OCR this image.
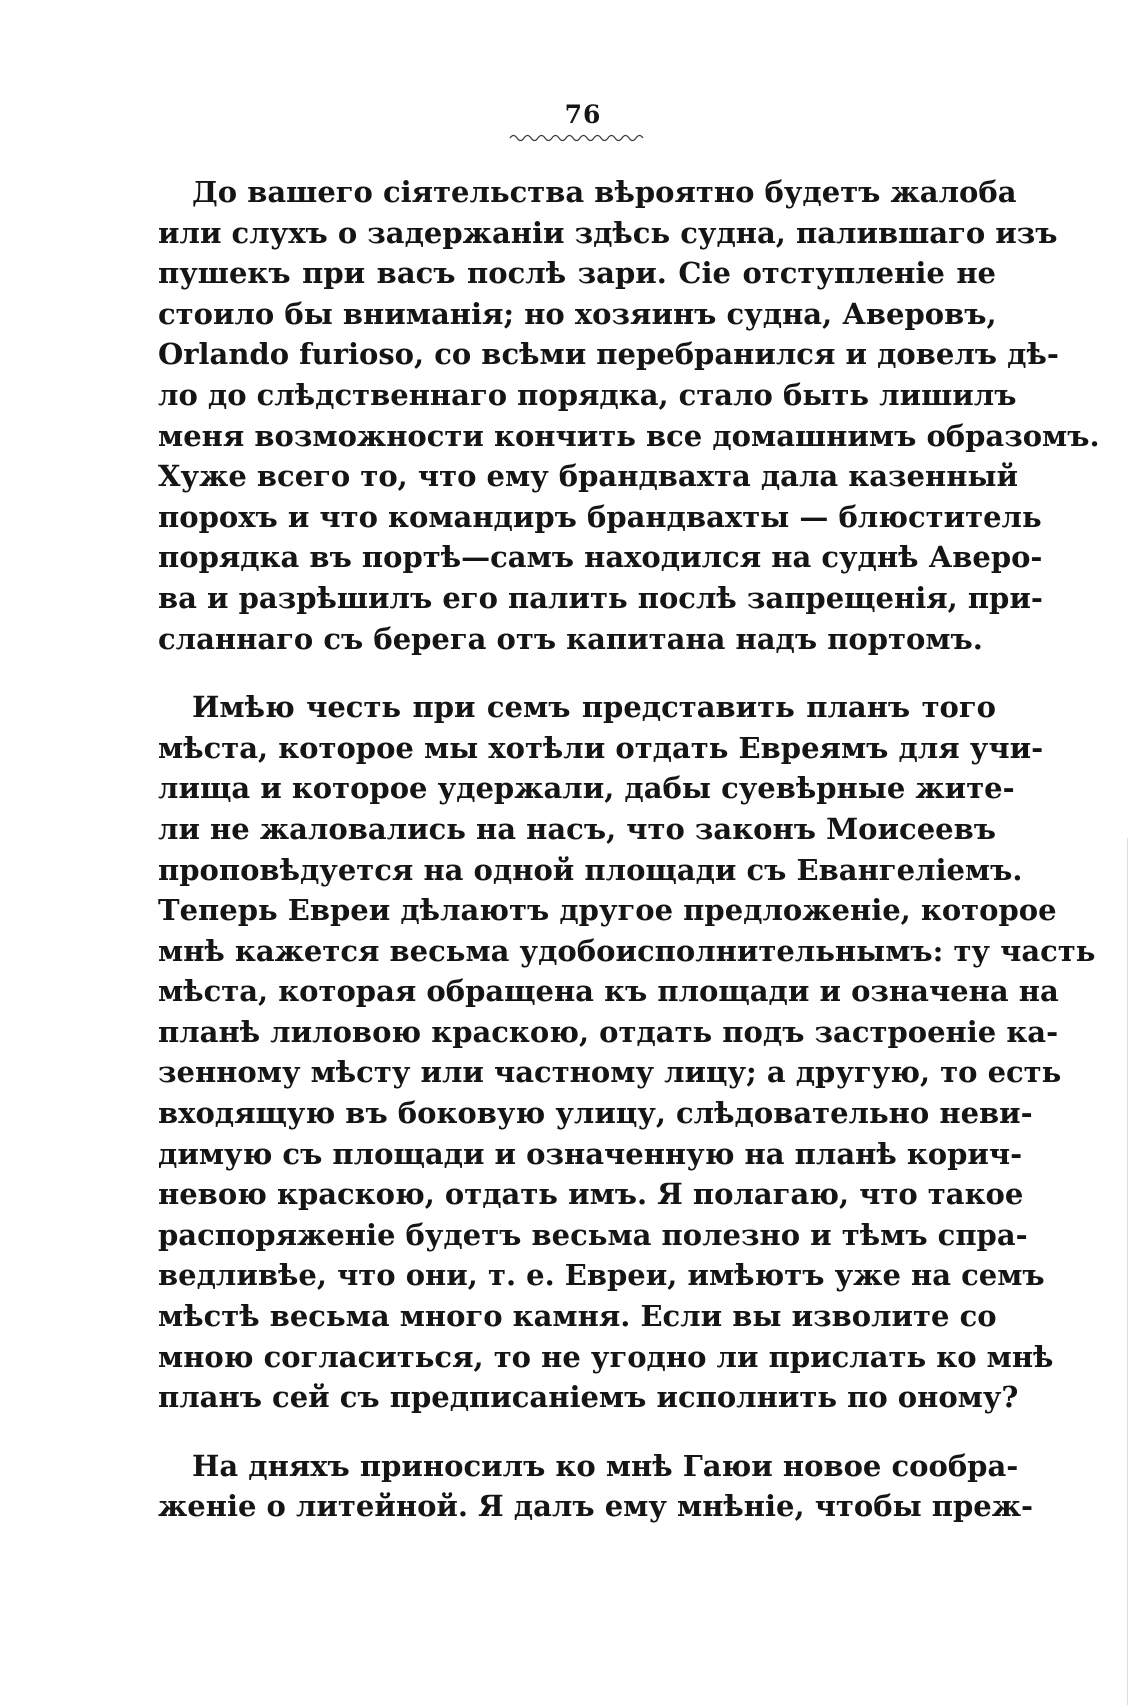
76
До вашего сіятельства вѣроятно будетъ жалоба
или слухъ о задержаніи здѣсь судна, палившаго изъ
пушекъ при васъ послѣ зари. Сіе отступленіе не
стоило бы вниманія; но хозяинъ судна, Аверовъ,
Orlando furioso, со всѣми перебранился и довелъ дѣ-
ло до слѣдственнаго порядка, стало быть лишилъ
меня возможности кончить все домашнимъ образомъ.
Хуже всего то, что ему брандвахта дала казенный
порохъ и что командиръ брандвахты — блюститель
порядка въ портѣ—самъ находился на суднѣ Аверо-
ва и разрѣшилъ его палить послѣ запрещенія, при-
сланнаго съ берега отъ капитана надъ портомъ.
Имѣю честь при семъ представить планъ того
мѣста, которое мы хотѣли отдать Евреямъ для учи-
лища и которое удержали, дабы суевѣрные жите-
ли не жаловались на насъ, что законъ Моисеевъ
проповѣдуется на одной площади съ Евангеліемъ.
Теперь Евреи дѣлаютъ другое предложеніе, которое
мнѣ кажется весьма удобоисполнительнымъ: ту часть
мѣста, которая обращена къ площади и означена на
планѣ лиловою краскою, отдать подъ застроеніе ка-
зенному мѣсту или частному лицу; а другую, то есть
входящую въ боковую улицу, слѣдовательно неви-
димую съ площади и означенную на планѣ корич-
невою краскою, отдать имъ. Я полагаю, что такое
распоряженіе будетъ весьма полезно и тѣмъ спра-
ведливѣе, что они, т. е. Евреи, имѣютъ уже на семъ
мѣстѣ весьма много камня. Если вы изволите со
мною согласиться, то не угодно ли прислать ко мнѣ
планъ сей съ предписаніемъ исполнить по оному?
На дняхъ приносилъ ко мнѣ Гаюи новое сообра-
женіе о литейной. Я далъ ему мнѣніе, чтобы преж-
